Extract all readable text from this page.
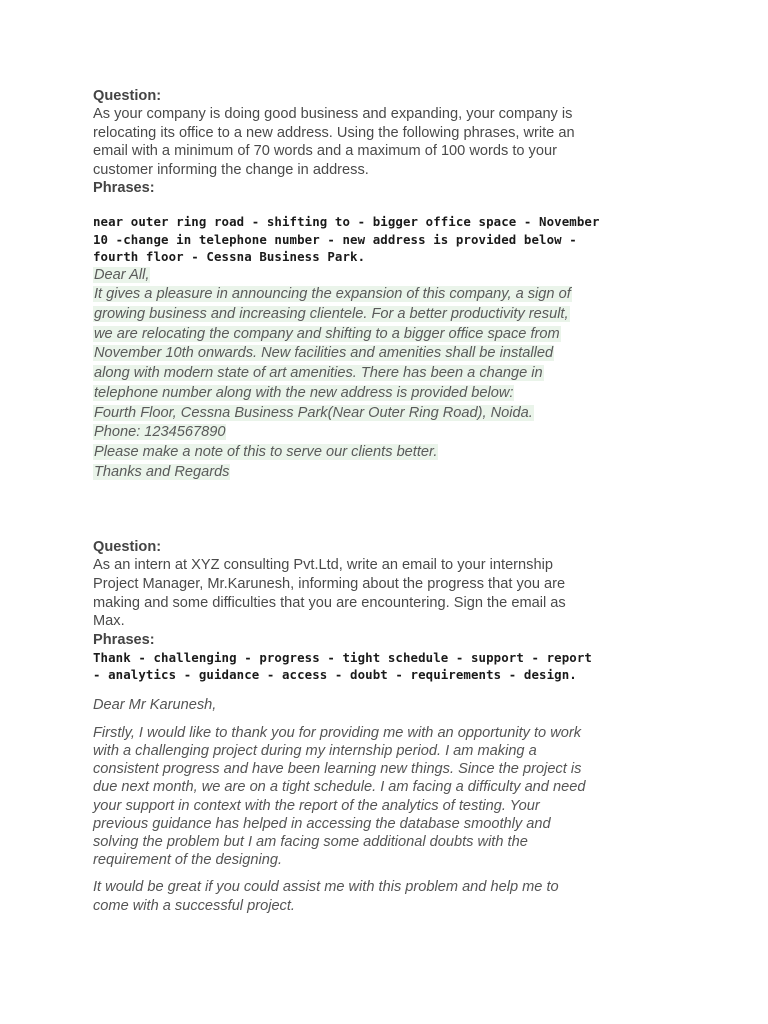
Question:
As your company is doing good business and expanding, your company is
relocating its office to a new address. Using the following phrases, write an
email with a minimum of 70 words and a maximum of 100 words to your
customer informing the change in address.
Phrases:
near outer ring road - shifting to - bigger office space - November
10 -change in telephone number - new address is provided below -
fourth floor - Cessna Business Park.
Dear All,
It gives a pleasure in announcing the expansion of this company, a sign of
growing business and increasing clientele. For a better productivity result,
we are relocating the company and shifting to a bigger office space from
November 10th onwards. New facilities and amenities shall be installed
along with modern state of art amenities. There has been a change in
telephone number along with the new address is provided below:
Fourth Floor, Cessna Business Park(Near Outer Ring Road), Noida.
Phone: 1234567890
Please make a note of this to serve our clients better.
Thanks and Regards
Question:
As an intern at XYZ consulting Pvt.Ltd, write an email to your internship
Project Manager, Mr.Karunesh, informing about the progress that you are
making and some difficulties that you are encountering. Sign the email as
Max.
Phrases:
Thank - challenging - progress - tight schedule - support - report
- analytics - guidance - access - doubt - requirements - design.
Dear Mr Karunesh,
Firstly, I would like to thank you for providing me with an opportunity to work
with a challenging project during my internship period. I am making a
consistent progress and have been learning new things. Since the project is
due next month, we are on a tight schedule. I am facing a difficulty and need
your support in context with the report of the analytics of testing. Your
previous guidance has helped in accessing the database smoothly and
solving the problem but I am facing some additional doubts with the
requirement of the designing.
It would be great if you could assist me with this problem and help me to
come with a successful project.
